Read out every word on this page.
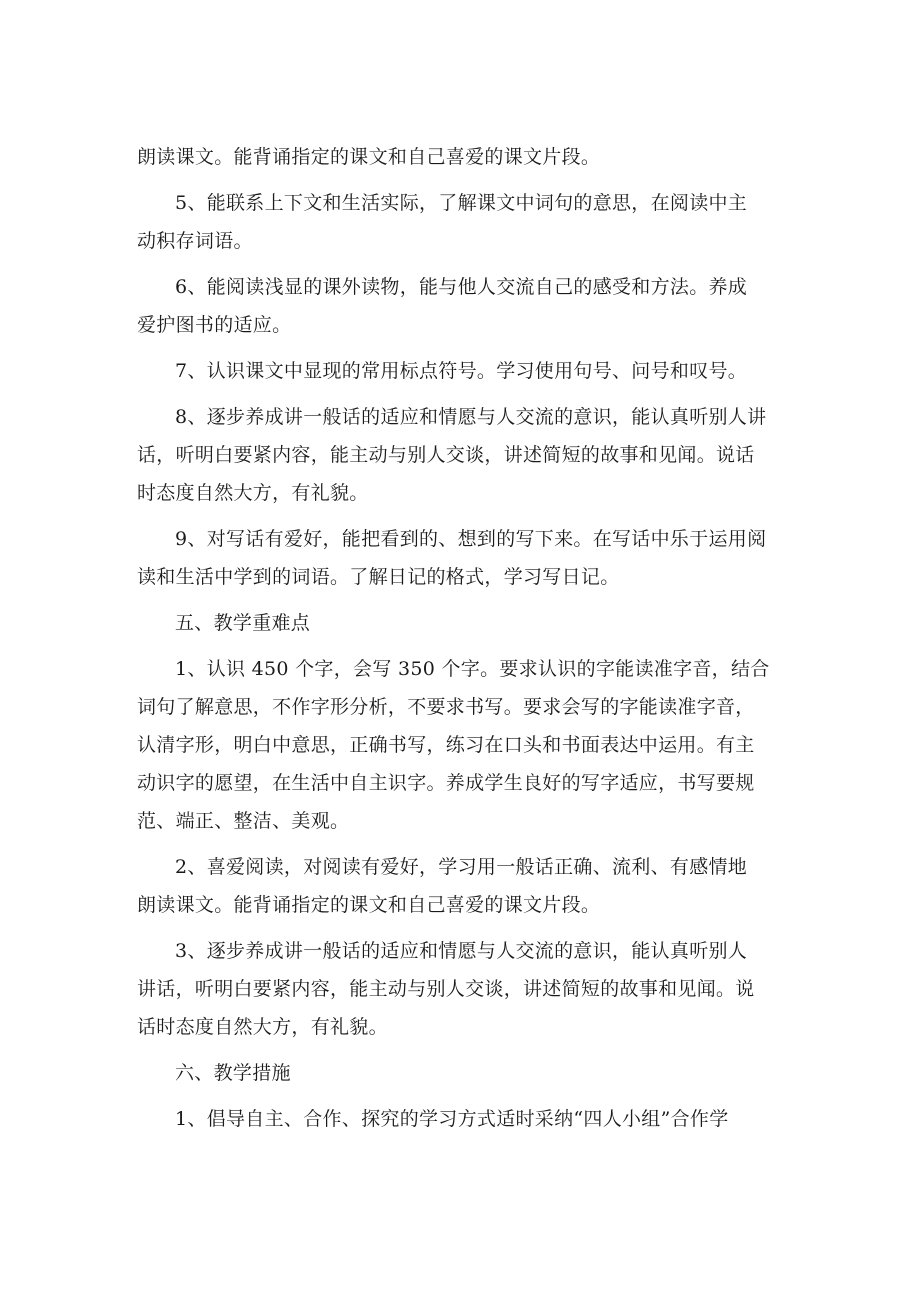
朗读课文。能背诵指定的课文和自己喜爱的课文片段。
5、能联系上下文和生活实际，了解课文中词句的意思，在阅读中主
动积存词语。
6、能阅读浅显的课外读物，能与他人交流自己的感受和方法。养成
爱护图书的适应。
7、认识课文中显现的常用标点符号。学习使用句号、问号和叹号。
8、逐步养成讲一般话的适应和情愿与人交流的意识，能认真听别人讲
话，听明白要紧内容，能主动与别人交谈，讲述简短的故事和见闻。说话
时态度自然大方，有礼貌。
9、对写话有爱好，能把看到的、想到的写下来。在写话中乐于运用阅
读和生活中学到的词语。了解日记的格式，学习写日记。
五、教学重难点
1、认识 450 个字，会写 350 个字。要求认识的字能读准字音，结合
词句了解意思，不作字形分析，不要求书写。要求会写的字能读准字音，
认清字形，明白中意思，正确书写，练习在口头和书面表达中运用。有主
动识字的愿望，在生活中自主识字。养成学生良好的写字适应，书写要规
范、端正、整洁、美观。
2、喜爱阅读，对阅读有爱好，学习用一般话正确、流利、有感情地
朗读课文。能背诵指定的课文和自己喜爱的课文片段。
3、逐步养成讲一般话的适应和情愿与人交流的意识，能认真听别人
讲话，听明白要紧内容，能主动与别人交谈，讲述简短的故事和见闻。说
话时态度自然大方，有礼貌。
六、教学措施
1、倡导自主、合作、探究的学习方式适时采纳“四人小组”合作学
